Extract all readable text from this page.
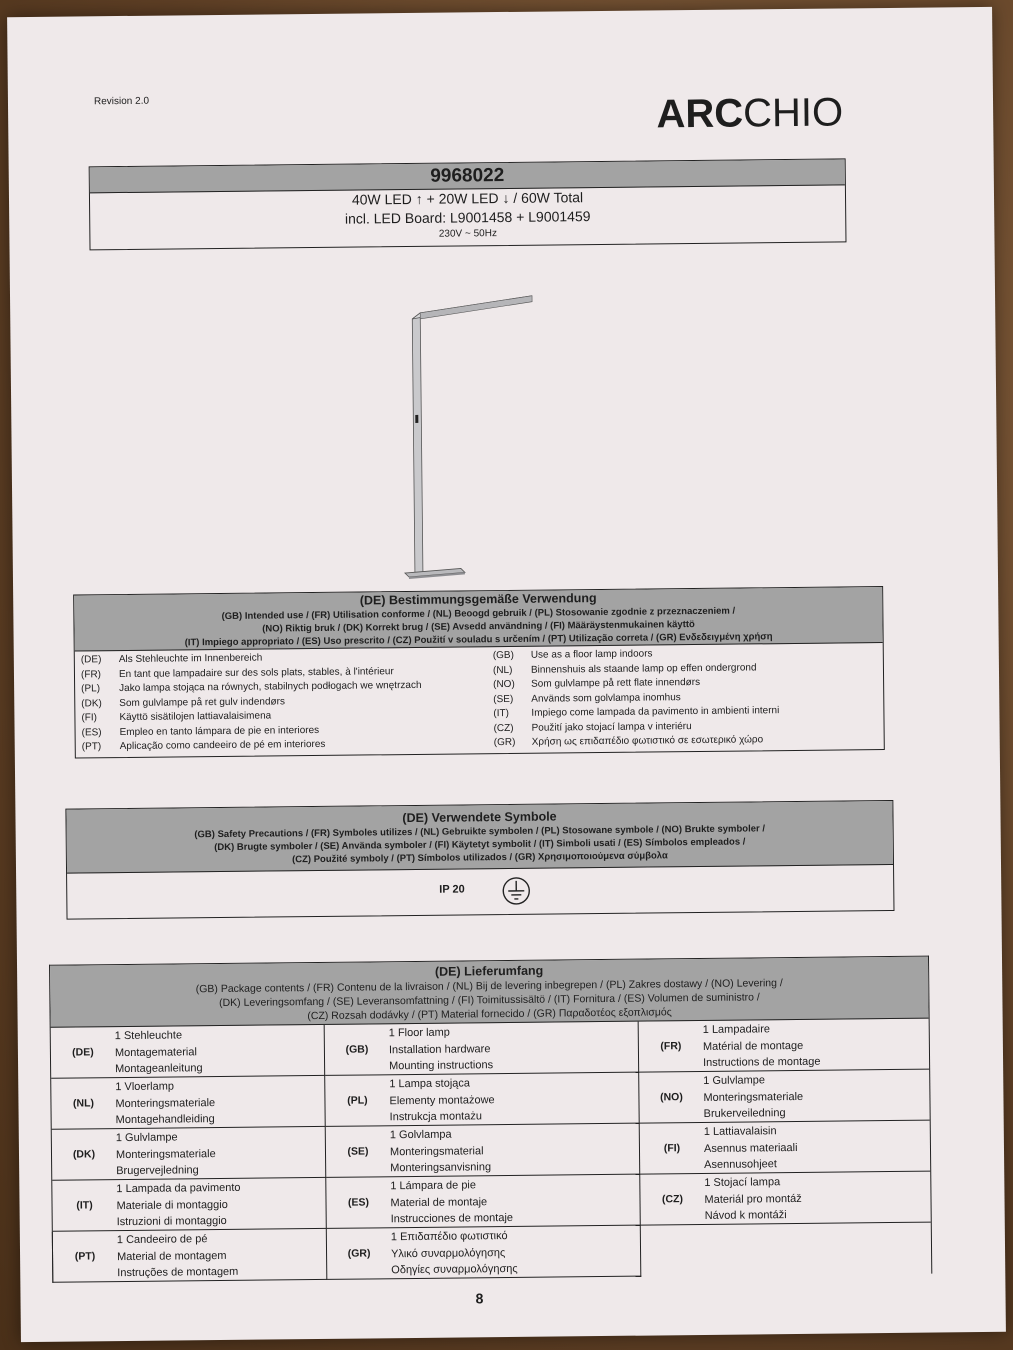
Revision 2.0	ARCCHIO
9968022
40W LED ↑ + 20W LED ↓ / 60W Total
incl. LED Board: L9001458 + L9001459
230V ~ 50Hz
(DE) Bestimmungsgemäße Verwendung
(GB) Intended use / (FR) Utilisation conforme / (NL) Beoogd gebruik / (PL) Stosowanie zgodnie z przeznaczeniem /
(NO) Riktig bruk / (DK) Korrekt brug / (SE) Avsedd användning / (FI) Määräystenmukainen käyttö
(IT) Impiego appropriato / (ES) Uso prescrito / (CZ) Použití v souladu s určením / (PT) Utilização correta / (GR) Ενδεδειγμένη χρήση
(DE)	Als Stehleuchte im Innenbereich
(FR)	En tant que lampadaire sur des sols plats, stables, à l'intérieur
(PL)	Jako lampa stojąca na równych, stabilnych podłogach we wnętrzach
(DK)	Som gulvlampe på ret gulv indendørs
(FI)	Käyttö sisätilojen lattiavalaisimena
(ES)	Empleo en tanto lámpara de pie en interiores
(PT)	Aplicação como candeeiro de pé em interiores
(GB)	Use as a floor lamp indoors
(NL)	Binnenshuis als staande lamp op effen ondergrond
(NO)	Som gulvlampe på rett flate innendørs
(SE)	Används som golvlampa inomhus
(IT)	Impiego come lampada da pavimento in ambienti interni
(CZ)	Použití jako stojací lampa v interiéru
(GR)	Χρήση ως επιδαπέδιο φωτιστικό σε εσωτερικό χώρο
(DE) Verwendete Symbole
(GB) Safety Precautions / (FR) Symboles utilizes / (NL) Gebruikte symbolen / (PL) Stosowane symbole / (NO) Brukte symboler /
(DK) Brugte symboler / (SE) Använda symboler / (FI) Käytetyt symbolit / (IT) Simboli usati / (ES) Símbolos empleados /
(CZ) Použité symboly / (PT) Símbolos utilizados / (GR) Χρησιμοποιούμενα σύμβολα
IP 20
(DE) Lieferumfang
(GB) Package contents / (FR) Contenu de la livraison / (NL) Bij de levering inbegrepen / (PL) Zakres dostawy / (NO) Levering /
(DK) Leveringsomfang / (SE) Leveransomfattning / (FI) Toimitussisältö / (IT) Fornitura / (ES) Volumen de suministro /
(CZ) Rozsah dodávky / (PT) Material fornecido / (GR) Παραδοτέος εξοπλισμός
(DE)
1 Stehleuchte
Montagematerial
Montageanleitung
(GB)
1 Floor lamp
Installation hardware
Mounting instructions
(FR)
1 Lampadaire
Matérial de montage
Instructions de montage
(NL)
1 Vloerlamp
Monteringsmateriale
Montagehandleiding
(PL)
1 Lampa stojąca
Elementy montażowe
Instrukcja montażu
(NO)
1 Gulvlampe
Monteringsmateriale
Brukerveiledning
(DK)
1 Gulvlampe
Monteringsmateriale
Brugervejledning
(SE)
1 Golvlampa
Monteringsmaterial
Monteringsanvisning
(FI)
1 Lattiavalaisin
Asennus materiaali
Asennusohjeet
(IT)
1 Lampada da pavimento
Materiale di montaggio
Istruzioni di montaggio
(ES)
1 Lámpara de pie
Material de montaje
Instrucciones de montaje
(CZ)
1 Stojací lampa
Materiál pro montáž
Návod k montáži
(PT)
1 Candeeiro de pé
Material de montagem
Instruções de montagem
(GR)
1 Επιδαπέδιο φωτιστικό
Υλικό συναρμολόγησης
Οδηγίες συναρμολόγησης
8
